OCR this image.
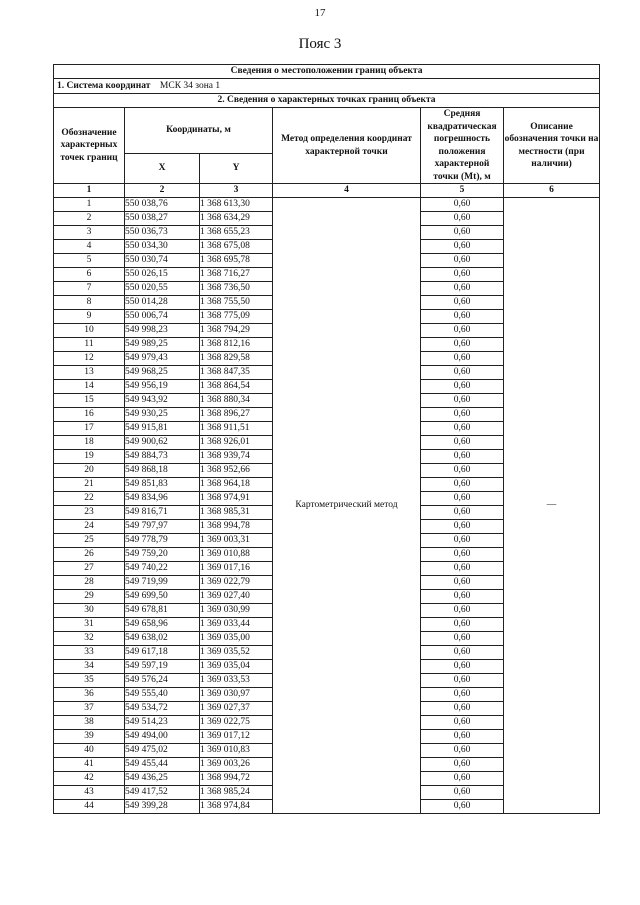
17
Пояс 3
Сведения о местоположении границ объекта					
1. Система координат МСК 34 зона 1					
2. Сведения о характерных точках границ объекта					
Обозначение характерных точек границ	Координаты, м		Метод определения координат характерной точки	Средняя квадратическая погрешность положения характерной точки (Mt), м	Описание обозначения точки на местности (при наличии)
	X	Y			
1	2	3	4	5	6
1	550 038,76	1 368 613,30	Картометрический метод	0,60	—
2	550 038,27	1 368 634,29		0,60	
3	550 036,73	1 368 655,23		0,60	
4	550 034,30	1 368 675,08		0,60	
5	550 030,74	1 368 695,78		0,60	
6	550 026,15	1 368 716,27		0,60	
7	550 020,55	1 368 736,50		0,60	
8	550 014,28	1 368 755,50		0,60	
9	550 006,74	1 368 775,09		0,60	
10	549 998,23	1 368 794,29		0,60	
11	549 989,25	1 368 812,16		0,60	
12	549 979,43	1 368 829,58		0,60	
13	549 968,25	1 368 847,35		0,60	
14	549 956,19	1 368 864,54		0,60	
15	549 943,92	1 368 880,34		0,60	
16	549 930,25	1 368 896,27		0,60	
17	549 915,81	1 368 911,51		0,60	
18	549 900,62	1 368 926,01		0,60	
19	549 884,73	1 368 939,74		0,60	
20	549 868,18	1 368 952,66		0,60	
21	549 851,83	1 368 964,18		0,60	
22	549 834,96	1 368 974,91		0,60	
23	549 816,71	1 368 985,31		0,60	
24	549 797,97	1 368 994,78		0,60	
25	549 778,79	1 369 003,31		0,60	
26	549 759,20	1 369 010,88		0,60	
27	549 740,22	1 369 017,16		0,60	
28	549 719,99	1 369 022,79		0,60	
29	549 699,50	1 369 027,40		0,60	
30	549 678,81	1 369 030,99		0,60	
31	549 658,96	1 369 033,44		0,60	
32	549 638,02	1 369 035,00		0,60	
33	549 617,18	1 369 035,52		0,60	
34	549 597,19	1 369 035,04		0,60	
35	549 576,24	1 369 033,53		0,60	
36	549 555,40	1 369 030,97		0,60	
37	549 534,72	1 369 027,37		0,60	
38	549 514,23	1 369 022,75		0,60	
39	549 494,00	1 369 017,12		0,60	
40	549 475,02	1 369 010,83		0,60	
41	549 455,44	1 369 003,26		0,60	
42	549 436,25	1 368 994,72		0,60	
43	549 417,52	1 368 985,24		0,60	
44	549 399,28	1 368 974,84		0,60	
